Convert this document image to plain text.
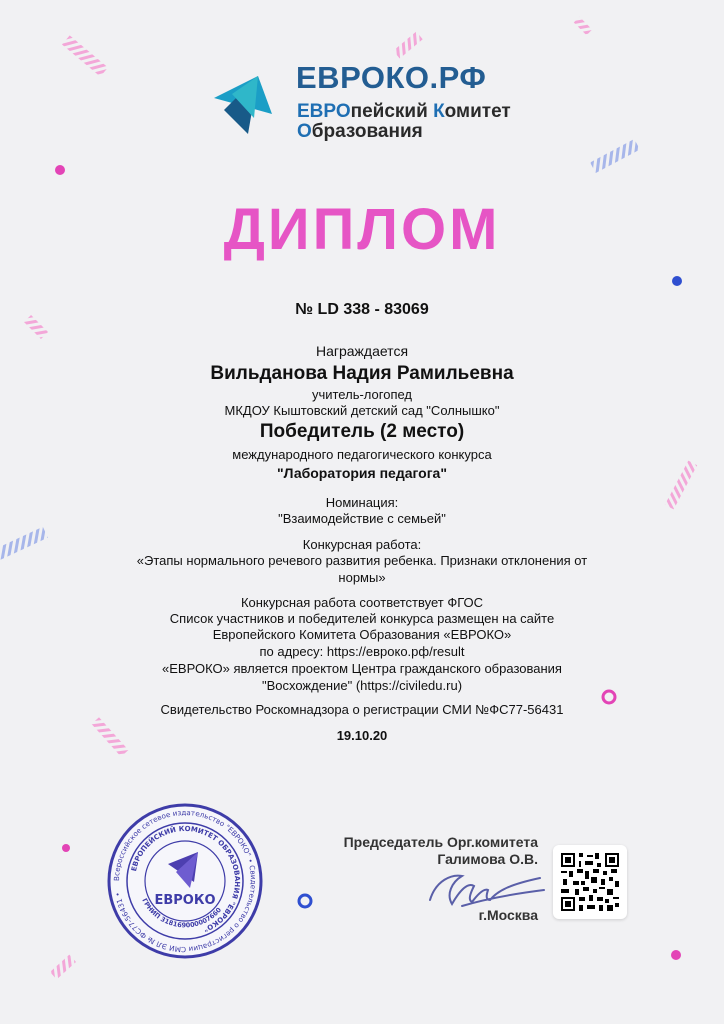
ЕВРОКО.РФ
ЕВРОпейский Комитет
Образования
ДИПЛОМ
№ LD 338 - 83069
Награждается
Вильданова Надия Рамильевна
учитель-логопед
МКДОУ Кыштовский детский сад "Солнышко"
Победитель (2 место)
международного педагогического конкурса
"Лаборатория педагога"
Номинация:
"Взаимодействие с семьей"
Конкурсная работа:
«Этапы нормального речевого развития ребенка. Признаки отклонения от
нормы»
Конкурсная работа соответствует ФГОС
Список участников и победителей конкурса размещен на сайте
Европейского Комитета Образования «ЕВРОКО»
по адресу: https://евроко.рф/result
«ЕВРОКО» является проектом Центра гражданского образования
"Восхождение" (https://civiledu.ru)
Свидетельство Роскомнадзора о регистрации СМИ №ФС77-56431
19.10.20
Всероссийское сетевое издательство "ЕВРОКО" • Свидетельство о регистрации СМИ ЭЛ № ФС77-56431 •
ЕВРОПЕЙСКИЙ КОМИТЕТ ОБРАЗОВАНИЯ "ЕВРОКО"
ГРНИП 318169000007660
ЕВРОКО
Председатель Орг.комитета
Галимова О.В.
г.Москва
